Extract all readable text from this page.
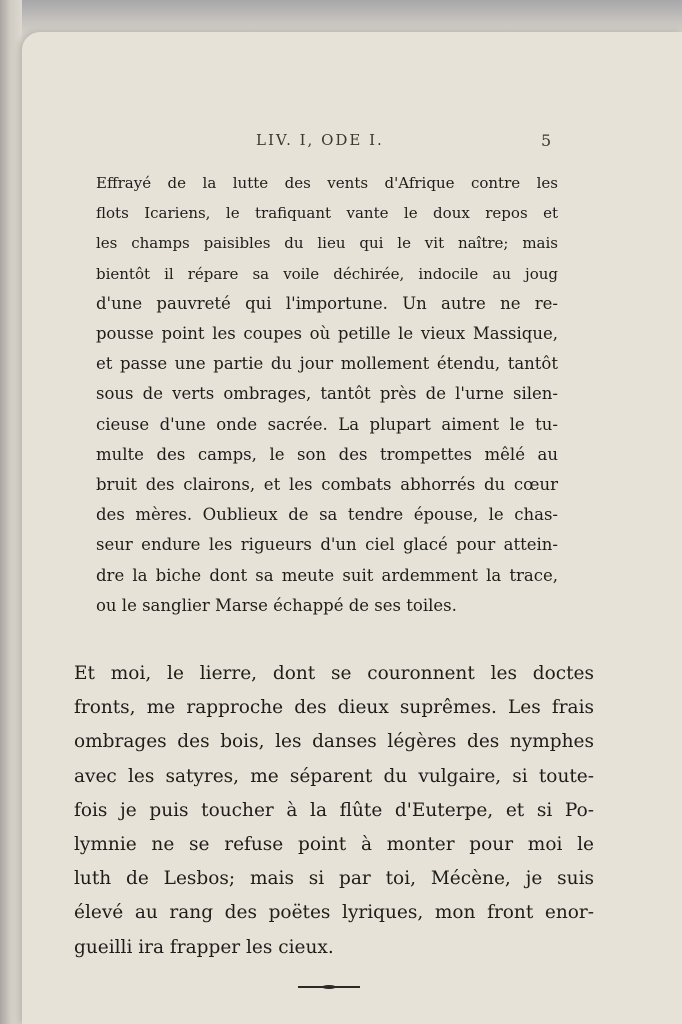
LIV. I, ODE I.	5
Effrayé de la lutte des vents d'Afrique contre les
flots Icariens, le trafiquant vante le doux repos et
les champs paisibles du lieu qui le vit naître; mais
bientôt il répare sa voile déchirée, indocile au joug
d'une pauvreté qui l'importune. Un autre ne re-
pousse point les coupes où petille le vieux Massique,
et passe une partie du jour mollement étendu, tantôt
sous de verts ombrages, tantôt près de l'urne silen-
cieuse d'une onde sacrée. La plupart aiment le tu-
multe des camps, le son des trompettes mêlé au
bruit des clairons, et les combats abhorrés du cœur
des mères. Oublieux de sa tendre épouse, le chas-
seur endure les rigueurs d'un ciel glacé pour attein-
dre la biche dont sa meute suit ardemment la trace,
ou le sanglier Marse échappé de ses toiles.
Et moi, le lierre, dont se couronnent les doctes
fronts, me rapproche des dieux suprêmes. Les frais
ombrages des bois, les danses légères des nymphes
avec les satyres, me séparent du vulgaire, si toute-
fois je puis toucher à la flûte d'Euterpe, et si Po-
lymnie ne se refuse point à monter pour moi le
luth de Lesbos; mais si par toi, Mécène, je suis
élevé au rang des poëtes lyriques, mon front enor-
gueilli ira frapper les cieux.
